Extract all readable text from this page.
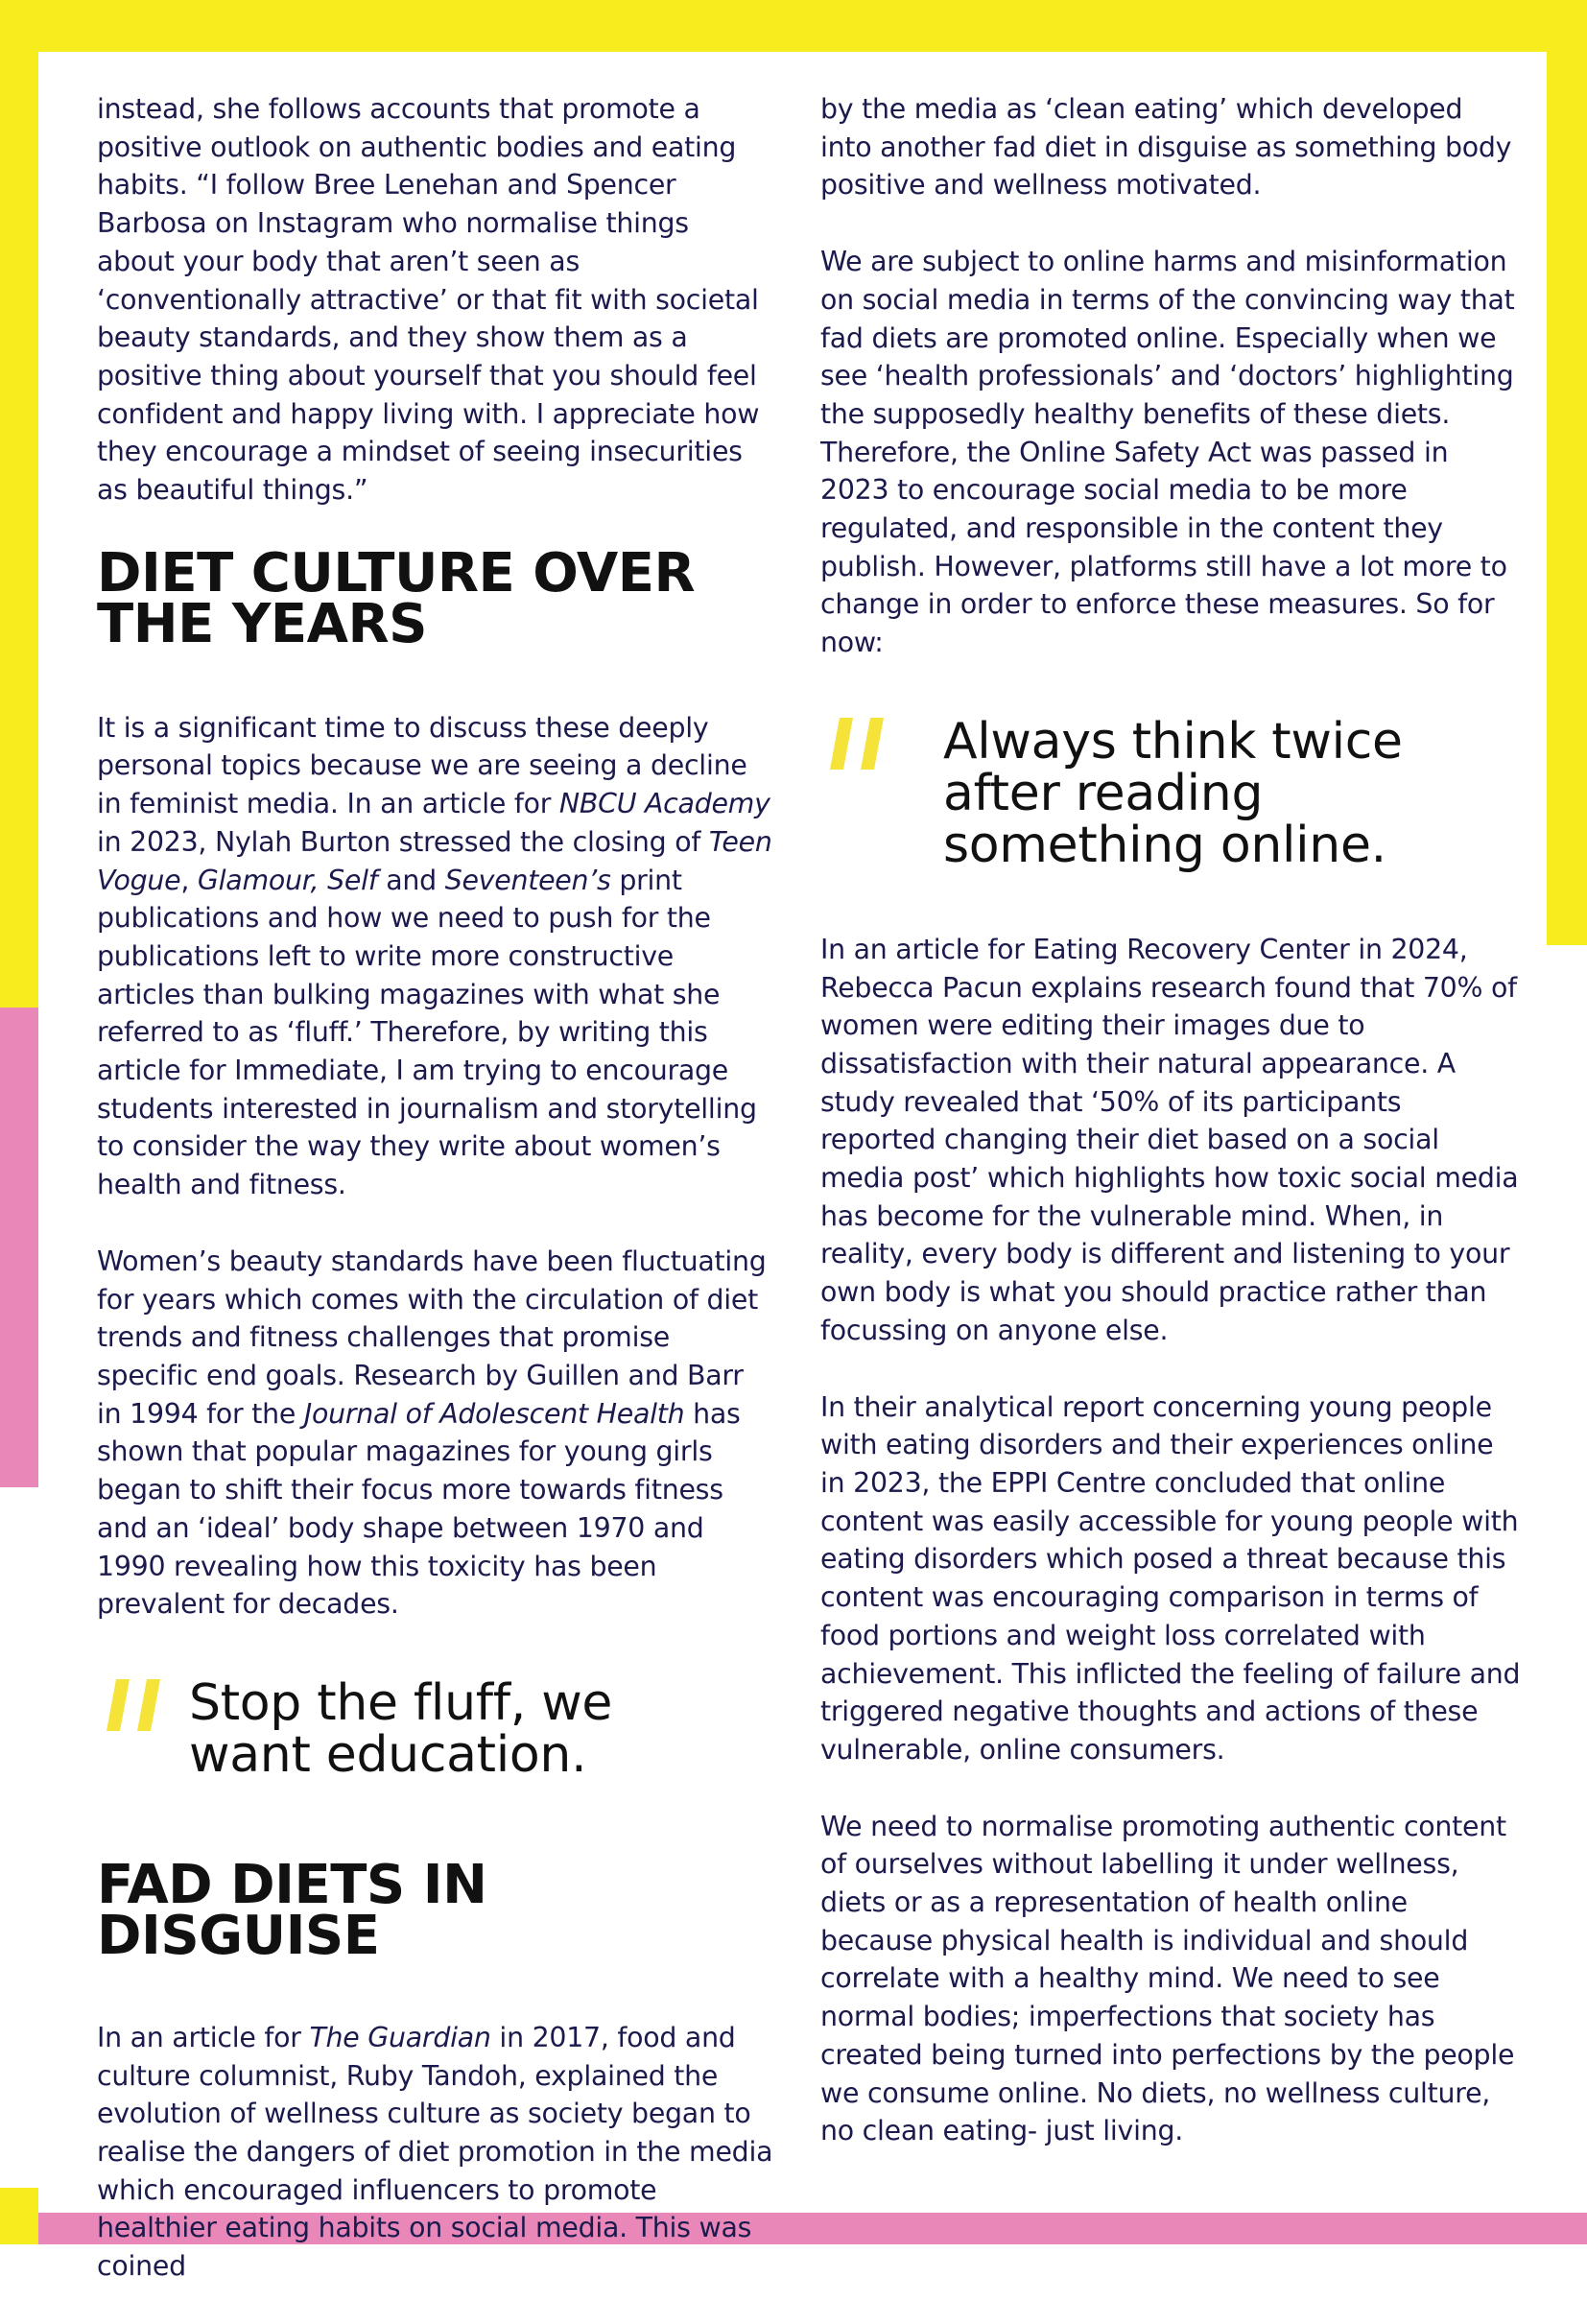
instead, she follows accounts that promote a positive outlook on authentic bodies and eating habits. “I follow Bree Lenehan and Spencer Barbosa on Instagram who normalise things about your body that aren’t seen as ‘conventionally attractive’ or that fit with societal beauty standards, and they show them as a positive thing about yourself that you should feel confident and happy living with. I appreciate how they encourage a mindset of seeing insecurities as beautiful things.”

DIET CULTURE OVER THE YEARS

It is a significant time to discuss these deeply personal topics because we are seeing a decline in feminist media. In an article for NBCU Academy in 2023, Nylah Burton stressed the closing of Teen Vogue, Glamour, Self and Seventeen’s print publications and how we need to push for the publications left to write more constructive articles than bulking magazines with what she referred to as ‘fluff.’ Therefore, by writing this article for Immediate, I am trying to encourage students interested in journalism and storytelling to consider the way they write about women’s health and fitness.

Women’s beauty standards have been fluctuating for years which comes with the circulation of diet trends and fitness challenges that promise specific end goals. Research by Guillen and Barr in 1994 for the Journal of Adolescent Health has shown that popular magazines for young girls began to shift their focus more towards fitness and an ‘ideal’ body shape between 1970 and 1990 revealing how this toxicity has been prevalent for decades.

Stop the fluff, we want education.

FAD DIETS IN DISGUISE

In an article for The Guardian in 2017, food and culture columnist, Ruby Tandoh, explained the evolution of wellness culture as society began to realise the dangers of diet promotion in the media which encouraged influencers to promote healthier eating habits on social media. This was coined

by the media as ‘clean eating’ which developed into another fad diet in disguise as something body positive and wellness motivated.

We are subject to online harms and misinformation on social media in terms of the convincing way that fad diets are promoted online. Especially when we see ‘health professionals’ and ‘doctors’ highlighting the supposedly healthy benefits of these diets. Therefore, the Online Safety Act was passed in 2023 to encourage social media to be more regulated, and responsible in the content they publish. However, platforms still have a lot more to change in order to enforce these measures. So for now:

Always think twice after reading something online.

In an article for Eating Recovery Center in 2024, Rebecca Pacun explains research found that 70% of women were editing their images due to dissatisfaction with their natural appearance. A study revealed that ‘50% of its participants reported changing their diet based on a social media post’ which highlights how toxic social media has become for the vulnerable mind. When, in reality, every body is different and listening to your own body is what you should practice rather than focussing on anyone else.

In their analytical report concerning young people with eating disorders and their experiences online in 2023, the EPPI Centre concluded that online content was easily accessible for young people with eating disorders which posed a threat because this content was encouraging comparison in terms of food portions and weight loss correlated with achievement. This inflicted the feeling of failure and triggered negative thoughts and actions of these vulnerable, online consumers.

We need to normalise promoting authentic content of ourselves without labelling it under wellness, diets or as a representation of health online because physical health is individual and should correlate with a healthy mind. We need to see normal bodies; imperfections that society has created being turned into perfections by the people we consume online. No diets, no wellness culture, no clean eating- just living.
